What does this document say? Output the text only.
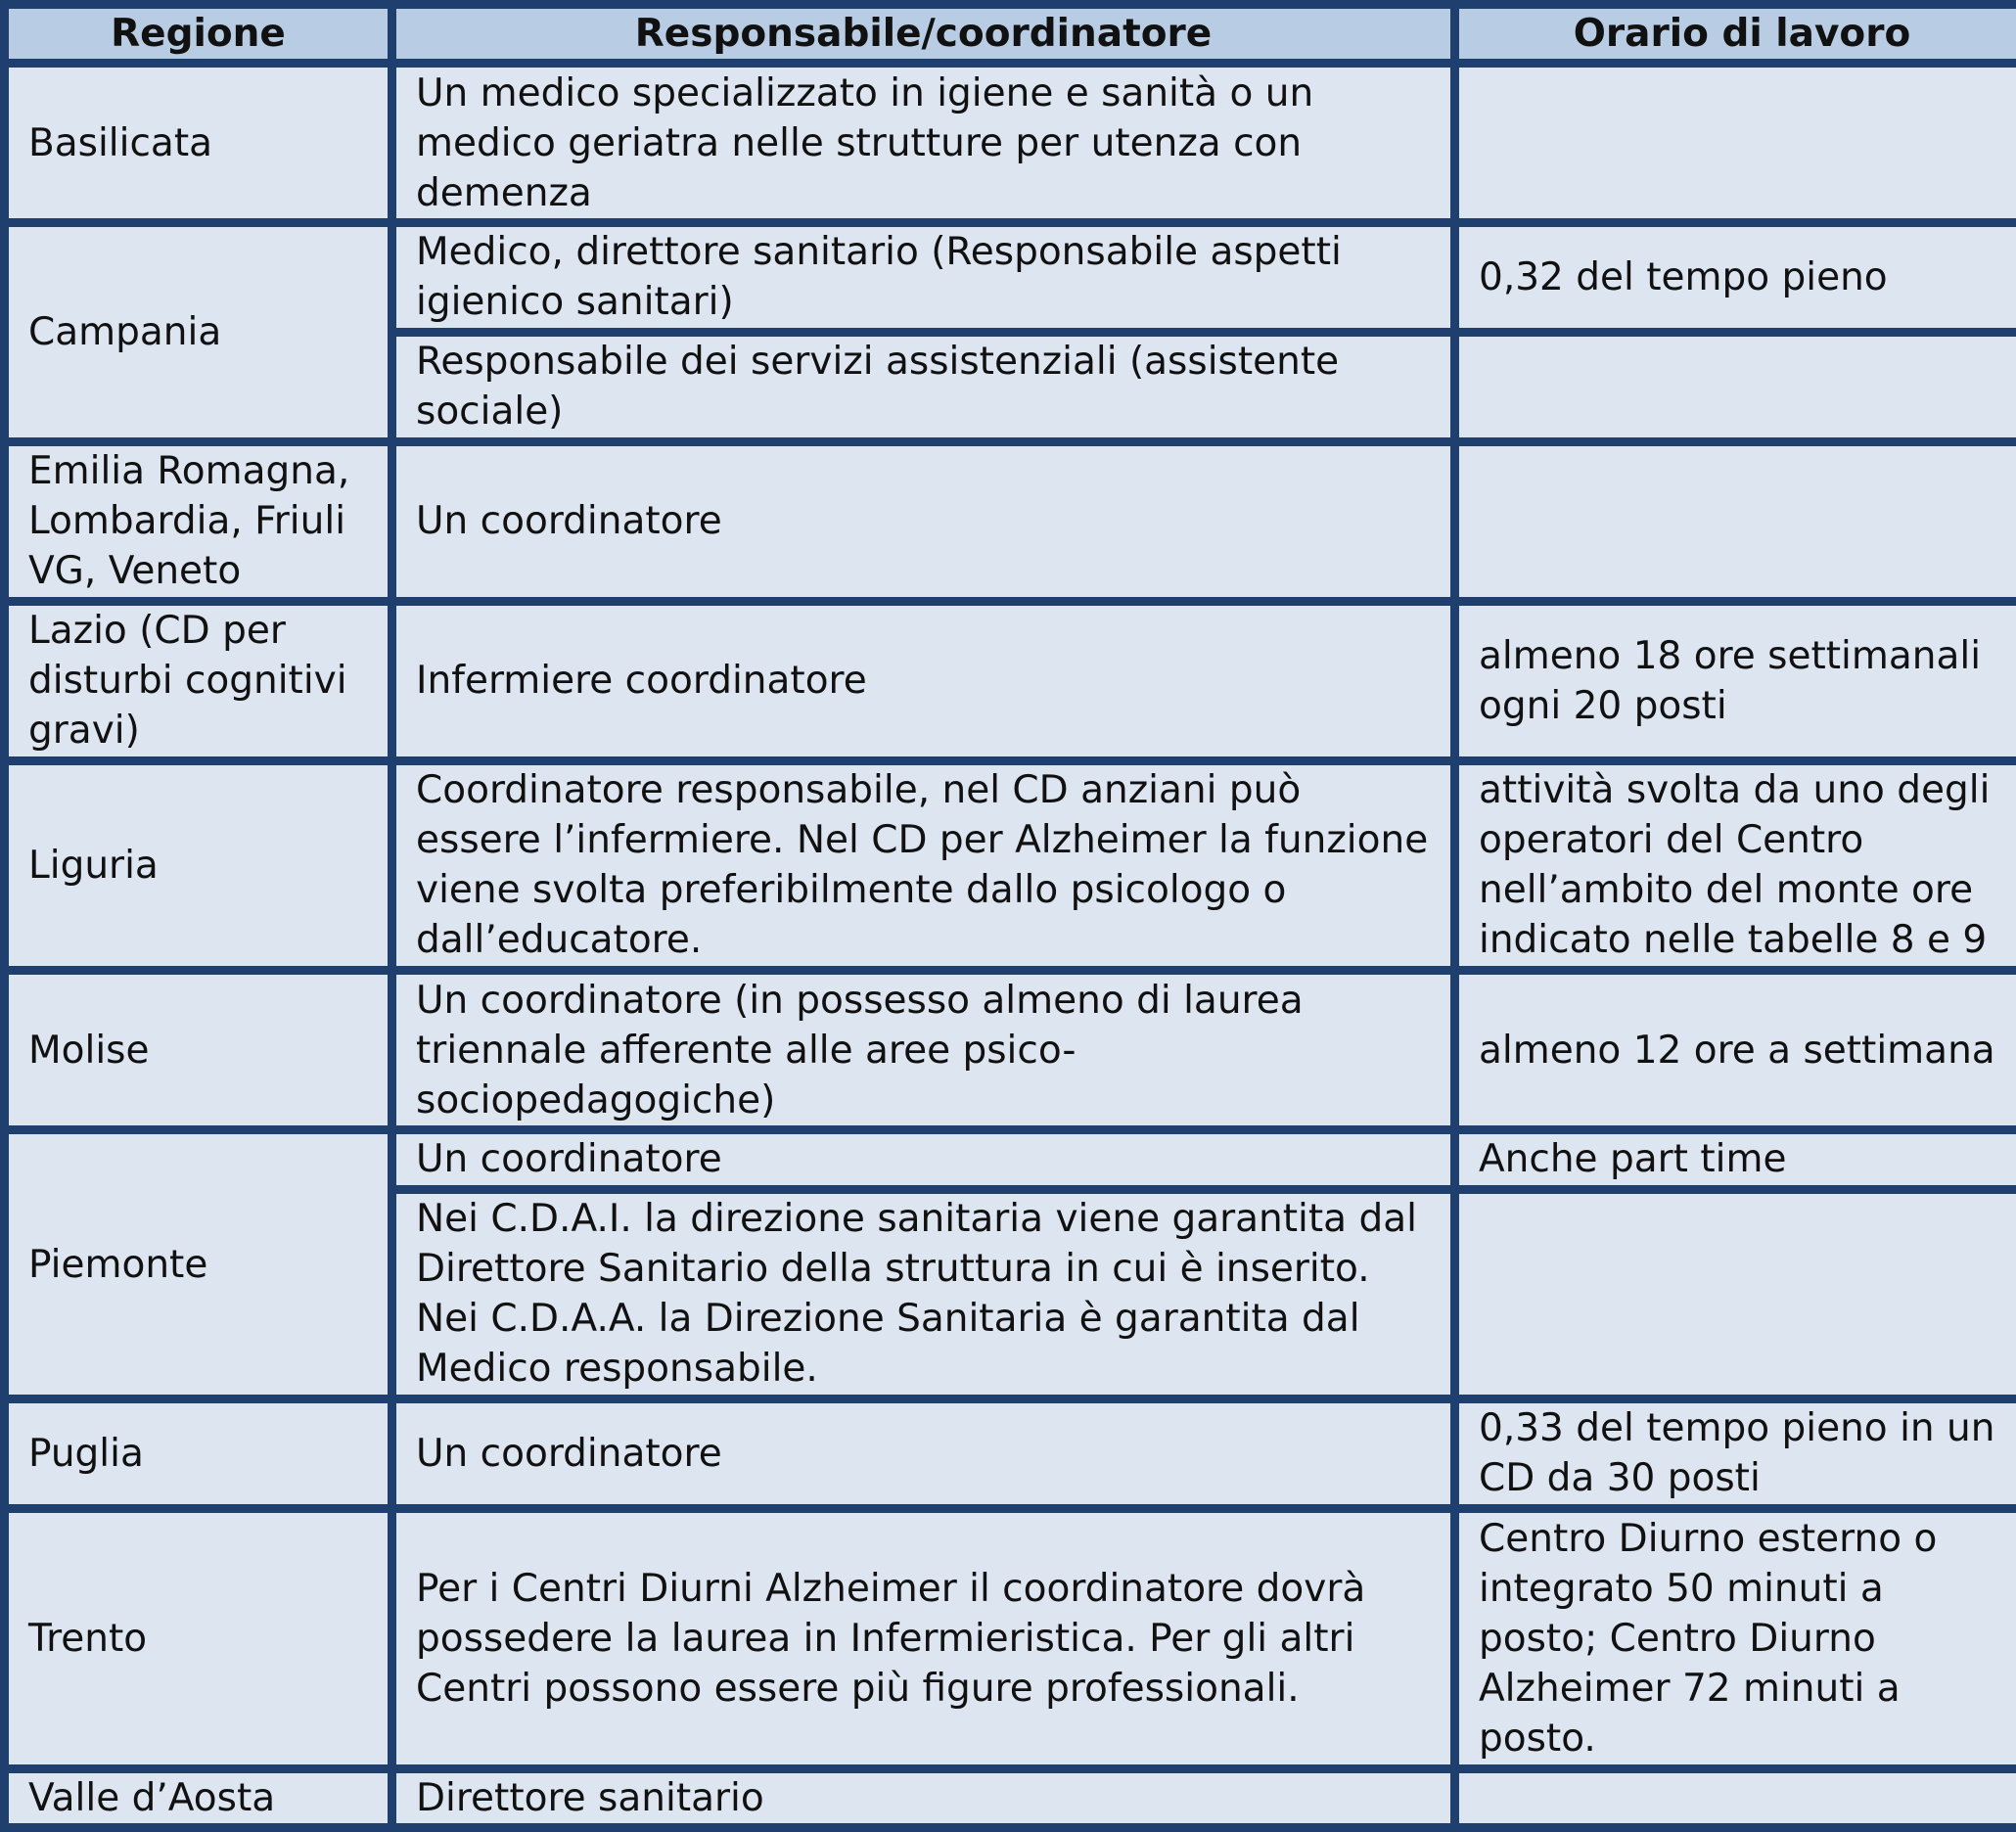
Regione	Responsabile/coordinatore	Orario di lavoro
Basilicata	Un medico specializzato in igiene e sanità o un medico geriatra nelle strutture per utenza con demenza	
Campania	Medico, direttore sanitario (Responsabile aspetti igienico sanitari)	0,32 del tempo pieno
	Responsabile dei servizi assistenziali (assistente sociale)	
Emilia Romagna, Lombardia, Friuli VG, Veneto	Un coordinatore	
Lazio (CD per disturbi cognitivi gravi)	Infermiere coordinatore	almeno 18 ore settimanali ogni 20 posti
Liguria	Coordinatore responsabile, nel CD anziani può essere l’infermiere. Nel CD per Alzheimer la funzione viene svolta preferibilmente dallo psicologo o dall’educatore.	attività svolta da uno degli operatori del Centro nell’ambito del monte ore indicato nelle tabelle 8 e 9
Molise	Un coordinatore (in possesso almeno di laurea triennale afferente alle aree psico-sociopedagogiche)	almeno 12 ore a settimana
Piemonte	Un coordinatore	Anche part time
	Nei C.D.A.I. la direzione sanitaria viene garantita dal Direttore Sanitario della struttura in cui è inserito. Nei C.D.A.A. la Direzione Sanitaria è garantita dal Medico responsabile.	
Puglia	Un coordinatore	0,33 del tempo pieno in un CD da 30 posti
Trento	Per i Centri Diurni Alzheimer il coordinatore dovrà possedere la laurea in Infermieristica. Per gli altri Centri possono essere più figure professionali.	Centro Diurno esterno o integrato 50 minuti a posto; Centro Diurno Alzheimer 72 minuti a posto.
Valle d’Aosta	Direttore sanitario	
